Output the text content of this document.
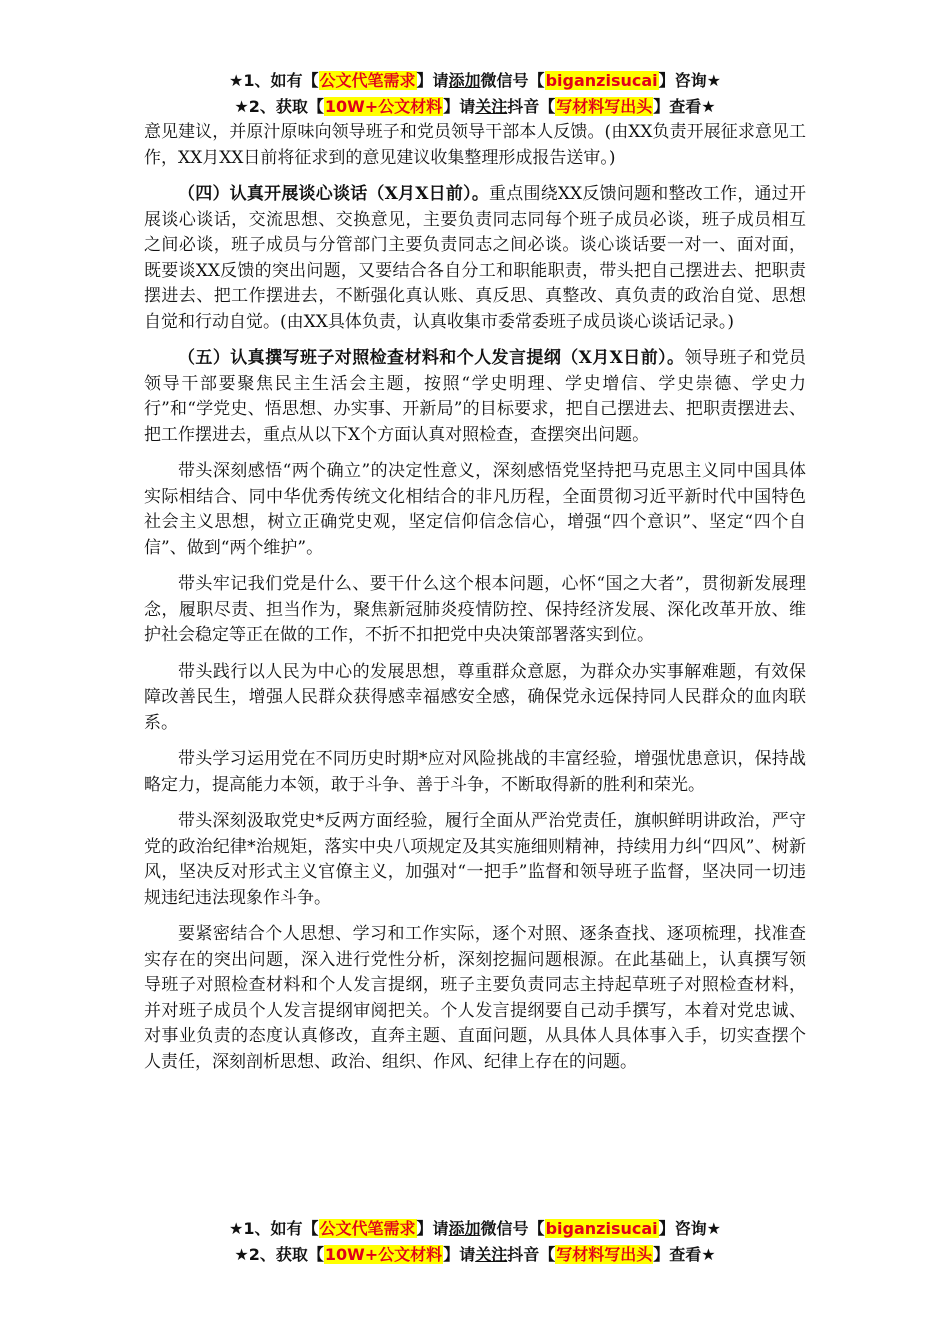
★1、如有【公文代笔需求】请添加微信号【biganzisucai】咨询★
★2、获取【10W+公文材料】请关注抖音【写材料写出头】查看★

意见建议，并原汁原味向领导班子和党员领导干部本人反馈。(由XX负责开展征求意见工作，XX月XX日前将征求到的意见建议收集整理形成报告送审。)

（四）认真开展谈心谈话（X月X日前）。重点围绕XX反馈问题和整改工作，通过开展谈心谈话，交流思想、交换意见，主要负责同志同每个班子成员必谈，班子成员相互之间必谈，班子成员与分管部门主要负责同志之间必谈。谈心谈话要一对一、面对面，既要谈XX反馈的突出问题，又要结合各自分工和职能职责，带头把自己摆进去、把职责摆进去、把工作摆进去，不断强化真认账、真反思、真整改、真负责的政治自觉、思想自觉和行动自觉。(由XX具体负责，认真收集市委常委班子成员谈心谈话记录。)

（五）认真撰写班子对照检查材料和个人发言提纲（X月X日前）。领导班子和党员领导干部要聚焦民主生活会主题，按照“学史明理、学史增信、学史崇德、学史力行”和“学党史、悟思想、办实事、开新局”的目标要求，把自己摆进去、把职责摆进去、把工作摆进去，重点从以下X个方面认真对照检查，查摆突出问题。

带头深刻感悟“两个确立”的决定性意义，深刻感悟党坚持把马克思主义同中国具体实际相结合、同中华优秀传统文化相结合的非凡历程，全面贯彻习近平新时代中国特色社会主义思想，树立正确党史观，坚定信仰信念信心，增强“四个意识”、坚定“四个自信”、做到“两个维护”。

带头牢记我们党是什么、要干什么这个根本问题，心怀“国之大者”，贯彻新发展理念，履职尽责、担当作为，聚焦新冠肺炎疫情防控、保持经济发展、深化改革开放、维护社会稳定等正在做的工作，不折不扣把党中央决策部署落实到位。

带头践行以人民为中心的发展思想，尊重群众意愿，为群众办实事解难题，有效保障改善民生，增强人民群众获得感幸福感安全感，确保党永远保持同人民群众的血肉联系。

带头学习运用党在不同历史时期*应对风险挑战的丰富经验，增强忧患意识，保持战略定力，提高能力本领，敢于斗争、善于斗争，不断取得新的胜利和荣光。

带头深刻汲取党史*反两方面经验，履行全面从严治党责任，旗帜鲜明讲政治，严守党的政治纪律*治规矩，落实中央八项规定及其实施细则精神，持续用力纠“四风”、树新风，坚决反对形式主义官僚主义，加强对“一把手”监督和领导班子监督，坚决同一切违规违纪违法现象作斗争。

要紧密结合个人思想、学习和工作实际，逐个对照、逐条查找、逐项梳理，找准查实存在的突出问题，深入进行党性分析，深刻挖掘问题根源。在此基础上，认真撰写领导班子对照检查材料和个人发言提纲，班子主要负责同志主持起草班子对照检查材料，并对班子成员个人发言提纲审阅把关。个人发言提纲要自己动手撰写，本着对党忠诚、对事业负责的态度认真修改，直奔主题、直面问题，从具体人具体事入手，切实查摆个人责任，深刻剖析思想、政治、组织、作风、纪律上存在的问题。

★1、如有【公文代笔需求】请添加微信号【biganzisucai】咨询★
★2、获取【10W+公文材料】请关注抖音【写材料写出头】查看★
